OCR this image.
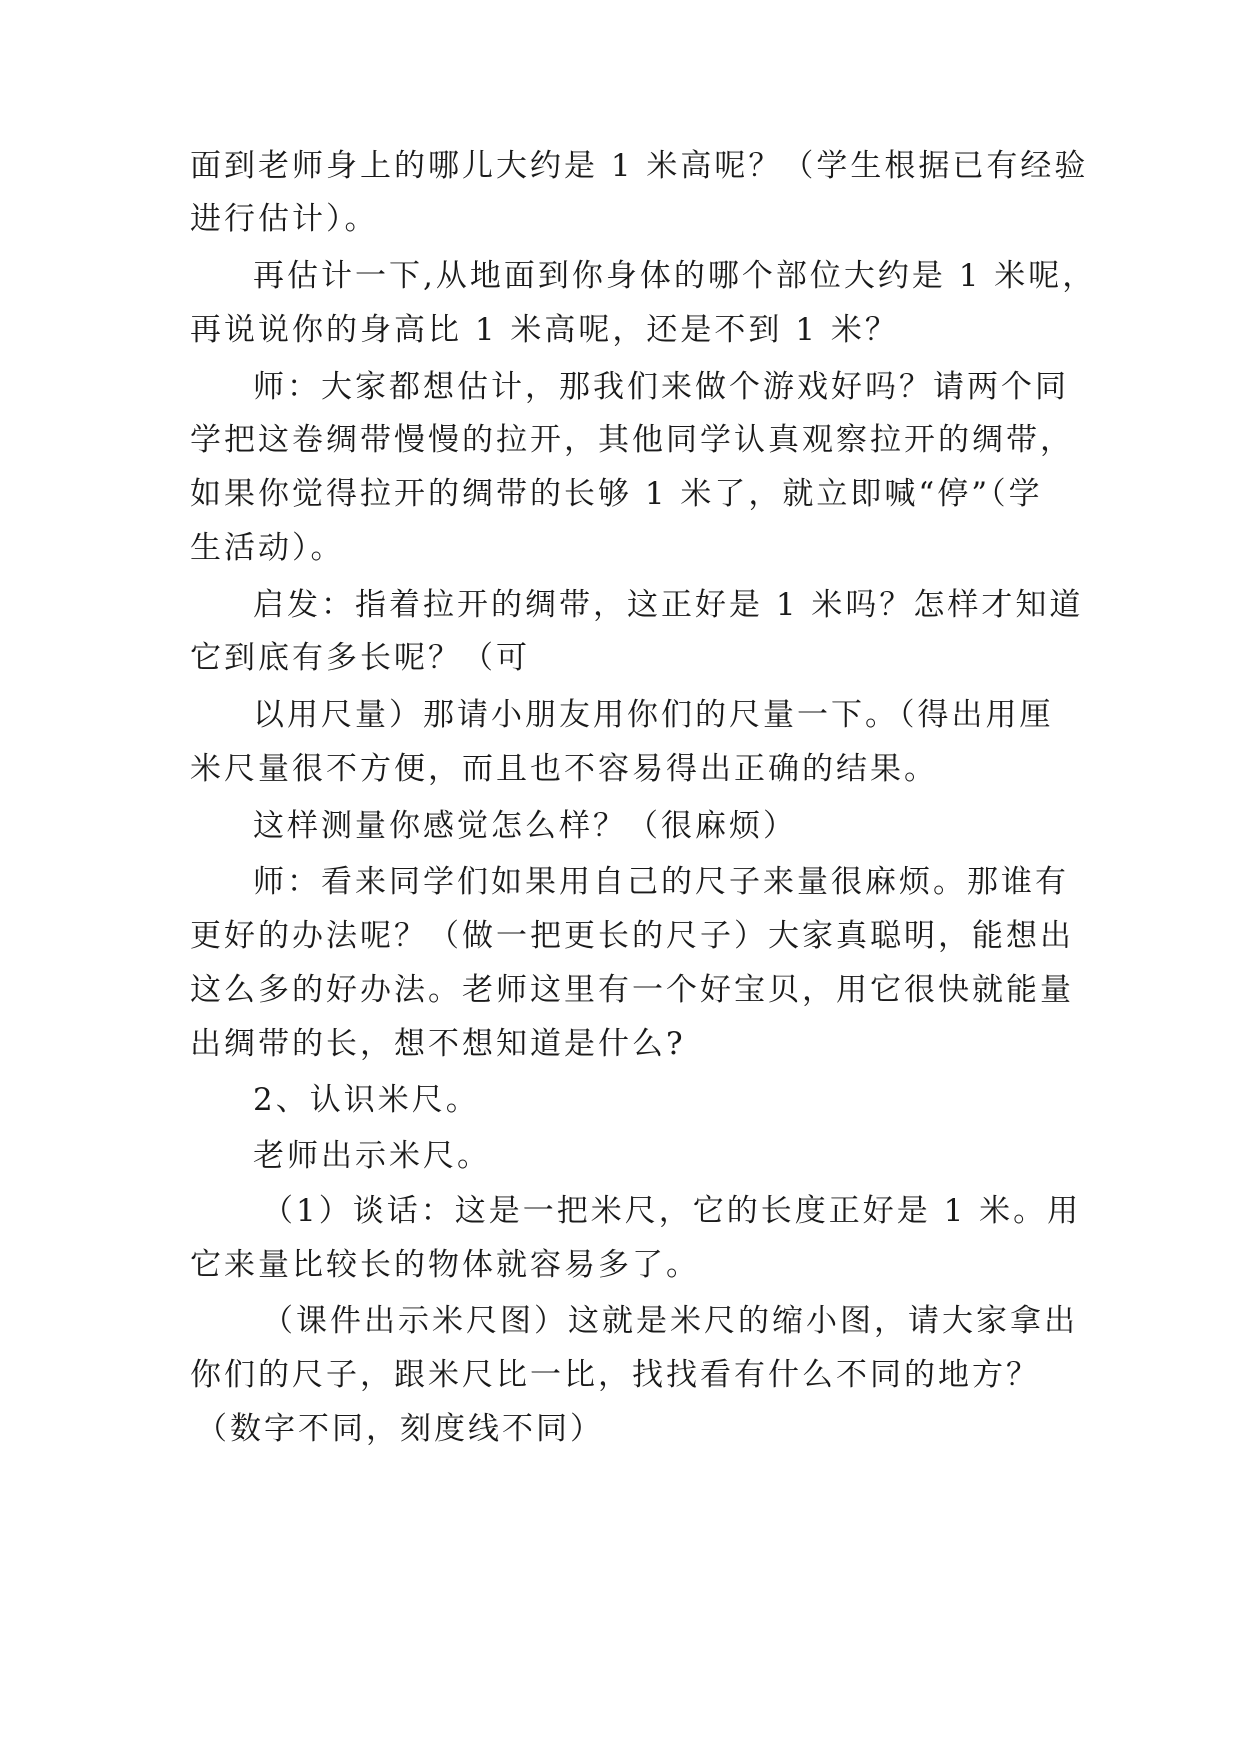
面到老师身上的哪儿大约是 1 米高呢？（学生根据已有经验
进行估计）。
再估计一下,从地面到你身体的哪个部位大约是 1 米呢，
再说说你的身高比 1 米高呢，还是不到 1 米？
师：大家都想估计，那我们来做个游戏好吗？请两个同
学把这卷绸带慢慢的拉开，其他同学认真观察拉开的绸带，
如果你觉得拉开的绸带的长够 1 米了，就立即喊“停”（学
生活动）。
启发：指着拉开的绸带，这正好是 1 米吗？怎样才知道
它到底有多长呢？（可
以用尺量）那请小朋友用你们的尺量一下。（得出用厘
米尺量很不方便，而且也不容易得出正确的结果。
这样测量你感觉怎么样？（很麻烦）
师：看来同学们如果用自己的尺子来量很麻烦。那谁有
更好的办法呢？（做一把更长的尺子）大家真聪明，能想出
这么多的好办法。老师这里有一个好宝贝，用它很快就能量
出绸带的长，想不想知道是什么?
2、认识米尺。
老师出示米尺。
（1）谈话：这是一把米尺，它的长度正好是 1 米。用
它来量比较长的物体就容易多了。
（课件出示米尺图）这就是米尺的缩小图，请大家拿出
你们的尺子，跟米尺比一比，找找看有什么不同的地方？
（数字不同，刻度线不同）
